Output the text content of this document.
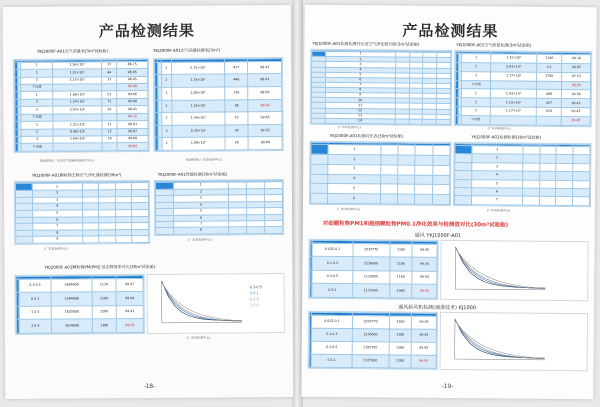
产品检测结果
YKJ2000F-A01空气质量表(3m³试验舱)	YKJ2000F-A01空气质量检测表(3m³)

		1	1.56×10⁵	37	88.75
		2	1.02×10⁵	44	98.05
		3	2.15×10⁵	33	98.45
		平均值			96.88
		1	1.60×10⁵	53	99.66
		2	1.24×10⁵	71	99.88
		3	2.03×10⁵	29	99.41
		平均值			99.32
		1	1.21×10⁵	11	99.83
		2	0.98×10⁵	12	99.87
		3	1.64×10⁵	10	99.80
		平均值			99.85

		1	2.15×10⁵	477	99.43
		2	1.28×10⁵	440	98.81
		3	2.09×10⁵	236	98.89
		1	1.16×10⁵	38	99.54
		2	1.34×10⁵	52	99.65
		3	0.78×10⁵	24	99.52
		1	1.08×10⁵	28	99.66
(检测机构:广东省空气质量检测研究中心)	(检测机构:广东省检测中心)
YKJ2000F-A01颗粒物去除空气净化器检测(30m³)	YKJ2000F-A01性能检测(30m³试验舱)

	1				
	2				
	3				
	4				
	5				
	6				
	7				
	8				
	9				

	1			
	2			
	3			
	4			
	5			
	6			
	7			
	8			
(广东省检测中心)
(广东省检测中心)
YKJ2000F-A01颗粒物PM(PM2.5)去除效率对比(30m³试验舱)

	0.3-0.5	3604000	1130	99.97
	0.5-1	1904000	1160	99.94
	1-2.5	1820000	1200	99.93
	2.5-5	2034000	1380	99.93
0.3-0.5
0.5-1
1-2.5
2.5-5
(广东省检测中心)
-18-
产品检测结果
YKJ1000F-A01检测检测对比表空气净化器去除(3m³试验舱)	YKJ1000F-A01空气质量检测(3m³试验舱)

	1				
	2				
	3				
	4				
	5				
	6				
	7				
	8				
	9				
	10				
	11				
	12				
	13				
	14				

		1	1.32×10⁵	1140	99.16
		2	0.83×10⁵	4.1	99.87
		3	1.17×10⁵	1700	97.53
		平均值			98.85
		1	1.93×10⁵	468	99.56
		2	1.19×10⁵	417	99.42
		3	1.17×10⁵	418	99.45
		平均值			99.48
(广东省检测中心)	(广东省检测中心)
YKJ1000F-A01检测对比表(30m³试验舱)	YKJ1000F-A01检测检测(30m³试验舱)

	1				
	2				
	3				
	4				
	5				
	6				

	1				
	2				
	3				
	4				
	5				
	6				
	7				
(广东省检测中心)	(广东省检测中心)
对细颗粒物PM1和超细颗粒物PM0.1净化效果与检测值对比(30m³试验舱)
通风 YKJ1000F-A01

	0.025-0.1	2030770	1180	99.95
	0.1-0.3	1236000	1180	99.93
	0.3-0.5	1130000	1160	99.94
	0.5-1	1131000	1060	99.93
通风新风机检测(通道技术) KJ1000

	0.025-0.1	2030770	1180	99.95
	0.1-0.3	1236000	1180	99.93
	0.3-0.5	1182700	1180	99.95
	0.5-1	1127900	1180	99.95
-19-
